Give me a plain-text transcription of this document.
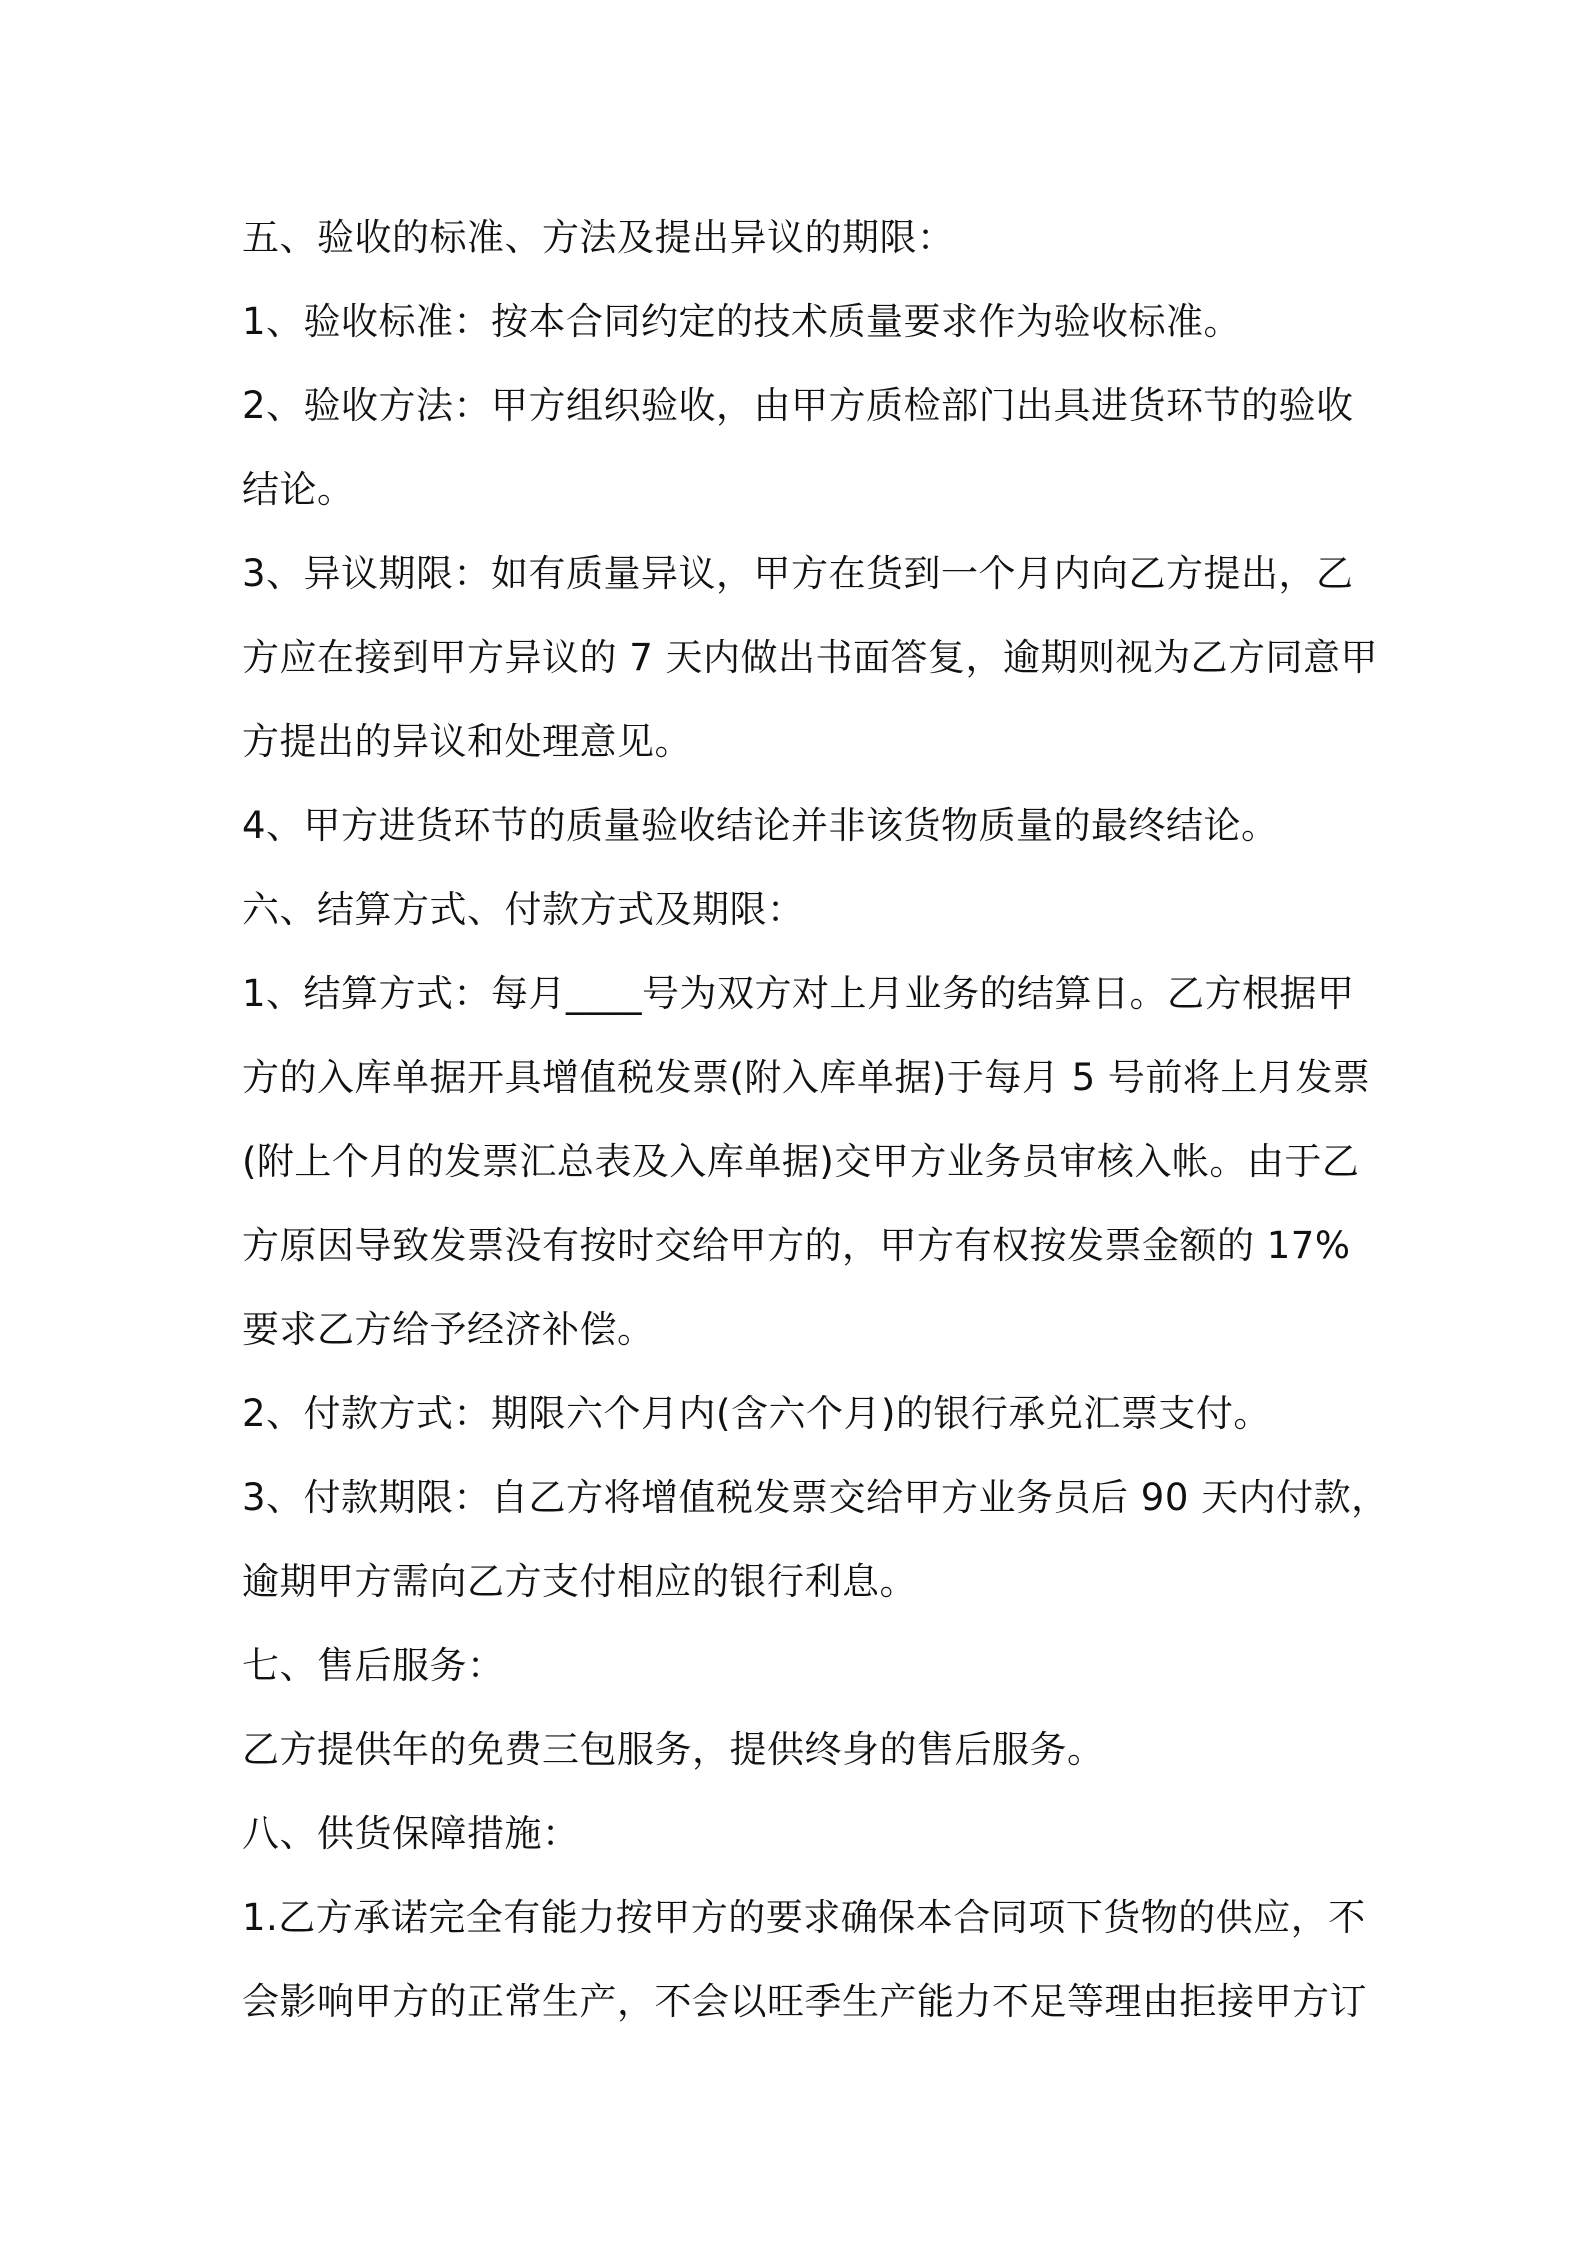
五、验收的标准、方法及提出异议的期限：
1、验收标准：按本合同约定的技术质量要求作为验收标准。
2、验收方法：甲方组织验收，由甲方质检部门出具进货环节的验收
结论。
3、异议期限：如有质量异议，甲方在货到一个月内向乙方提出，乙
方应在接到甲方异议的 7 天内做出书面答复，逾期则视为乙方同意甲
方提出的异议和处理意见。
4、甲方进货环节的质量验收结论并非该货物质量的最终结论。
六、结算方式、付款方式及期限：
1、结算方式：每月____号为双方对上月业务的结算日。乙方根据甲
方的入库单据开具增值税发票(附入库单据)于每月 5 号前将上月发票
(附上个月的发票汇总表及入库单据)交甲方业务员审核入帐。由于乙
方原因导致发票没有按时交给甲方的，甲方有权按发票金额的 17%
要求乙方给予经济补偿。
2、付款方式：期限六个月内(含六个月)的银行承兑汇票支付。
3、付款期限：自乙方将增值税发票交给甲方业务员后 90 天内付款，
逾期甲方需向乙方支付相应的银行利息。
七、售后服务：
乙方提供年的免费三包服务，提供终身的售后服务。
八、供货保障措施：
1.乙方承诺完全有能力按甲方的要求确保本合同项下货物的供应，不
会影响甲方的正常生产，不会以旺季生产能力不足等理由拒接甲方订
